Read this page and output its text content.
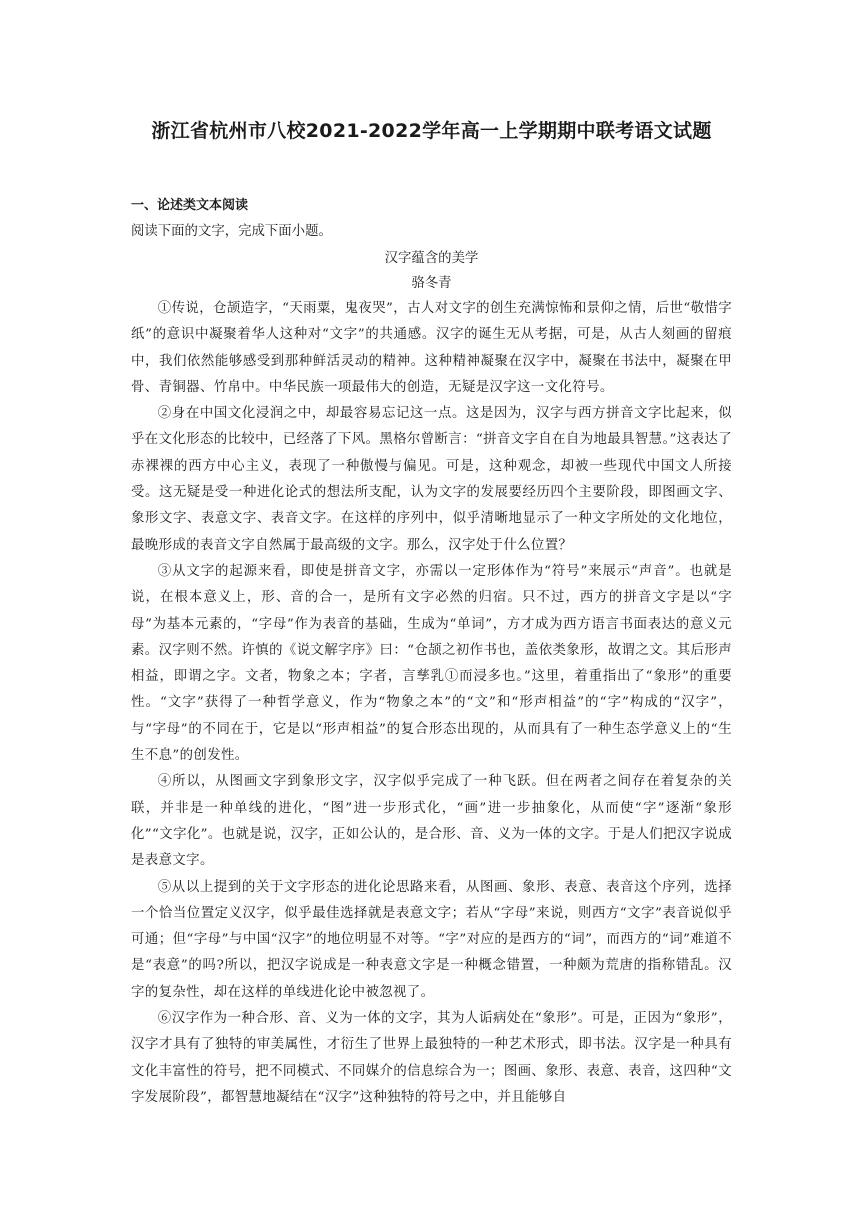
浙江省杭州市八校2021-2022学年高一上学期期中联考语文试题
一、论述类文本阅读

阅读下面的文字，完成下面小题。

汉字蕴含的美学

骆冬青

①传说，仓颉造字，“天雨粟，鬼夜哭”，古人对文字的创生充满惊怖和景仰之情，后世“敬惜字纸”的意识中凝聚着华人这种对“文字”的共通感。汉字的诞生无从考据，可是，从古人刻画的留痕中，我们依然能够感受到那种鲜活灵动的精神。这种精神凝聚在汉字中，凝聚在书法中，凝聚在甲骨、青铜器、竹帛中。中华民族一项最伟大的创造，无疑是汉字这一文化符号。

②身在中国文化浸润之中，却最容易忘记这一点。这是因为，汉字与西方拼音文字比起来，似乎在文化形态的比较中，已经落了下风。黑格尔曾断言：“拼音文字自在自为地最具智慧。”这表达了赤裸裸的西方中心主义，表现了一种傲慢与偏见。可是，这种观念，却被一些现代中国文人所接受。这无疑是受一种进化论式的想法所支配，认为文字的发展要经历四个主要阶段，即图画文字、象形文字、表意文字、表音文字。在这样的序列中，似乎清晰地显示了一种文字所处的文化地位，最晚形成的表音文字自然属于最高级的文字。那么，汉字处于什么位置？

③从文字的起源来看，即使是拼音文字，亦需以一定形体作为“符号”来展示“声音”。也就是说，在根本意义上，形、音的合一，是所有文字必然的归宿。只不过，西方的拼音文字是以“字母”为基本元素的，“字母”作为表音的基础，生成为“单词”，方才成为西方语言书面表达的意义元素。汉字则不然。许慎的《说文解字序》曰：“仓颉之初作书也，盖依类象形，故谓之文。其后形声相益，即谓之字。文者，物象之本；字者，言孳乳①而浸多也。”这里，着重指出了“象形”的重要性。“文字”获得了一种哲学意义，作为“物象之本”的“文”和“形声相益”的“字”构成的“汉字”，与“字母”的不同在于，它是以“形声相益”的复合形态出现的，从而具有了一种生态学意义上的“生生不息”的创发性。

④所以，从图画文字到象形文字，汉字似乎完成了一种飞跃。但在两者之间存在着复杂的关联，并非是一种单线的进化，“图”进一步形式化，“画”进一步抽象化，从而使“字”逐渐“象形化”“文字化”。也就是说，汉字，正如公认的，是合形、音、义为一体的文字。于是人们把汉字说成是表意文字。

⑤从以上提到的关于文字形态的进化论思路来看，从图画、象形、表意、表音这个序列，选择一个恰当位置定义汉字，似乎最佳选择就是表意文字；若从“字母”来说，则西方“文字”表音说似乎可通；但“字母”与中国“汉字”的地位明显不对等。“字”对应的是西方的“词”，而西方的“词”难道不是“表意”的吗?所以，把汉字说成是一种表意文字是一种概念错置，一种颇为荒唐的指称错乱。汉字的复杂性，却在这样的单线进化论中被忽视了。

⑥汉字作为一种合形、音、义为一体的文字，其为人诟病处在“象形”。可是，正因为“象形”，汉字才具有了独特的审美属性，才衍生了世界上最独特的一种艺术形式，即书法。汉字是一种具有文化丰富性的符号，把不同模式、不同媒介的信息综合为一；图画、象形、表意、表音，这四种“文字发展阶段”，都智慧地凝结在“汉字”这种独特的符号之中，并且能够自
